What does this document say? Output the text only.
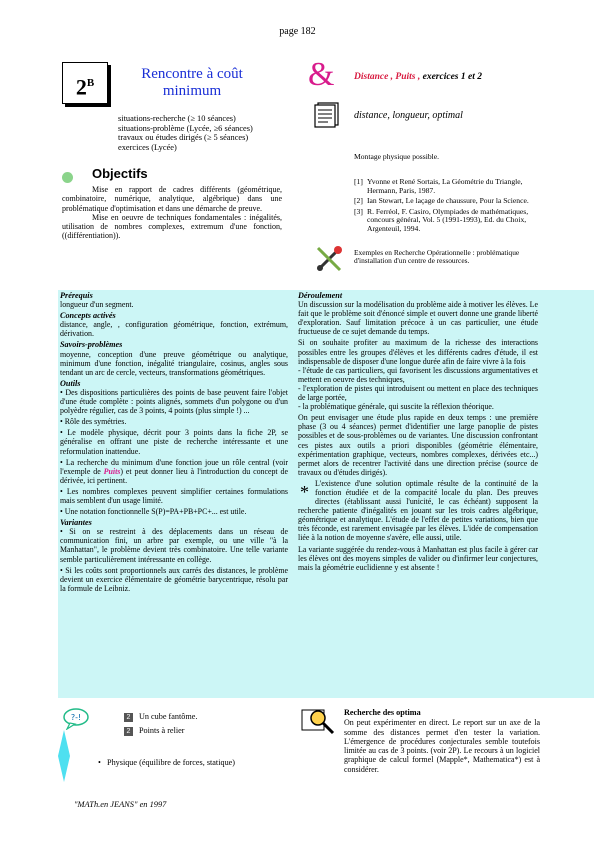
page 182
$2^B$
Rencontre à coût minimum
situations-recherche (≥ 10 séances)
situations-problème (Lycée, ≥6 séances)
travaux ou études dirigés (≥ 5 séances)
exercices (Lycée)
& Distance , Puits , exercices 1 et 2
distance, longueur, optimal
Montage physique possible.
[1] Yvonne et René Sortais, La Géométrie du Triangle, Hermann, Paris, 1987.
[2] Ian Stewart, Le laçage de chaussure, Pour la Science.
[3] R. Ferréol, F. Casiro, Olympiades de mathématiques, concours général, Vol. 5 (1991-1993), Ed. du Choix, Argenteuil, 1994.
Exemples en Recherche Opérationnelle : problématique d'installation d'un centre de ressources.
Objectifs

Mise en rapport de cadres différents (géométrique, combinatoire, numérique, analytique, algébrique) dans une problématique d'optimisation et dans une démarche de preuve.

Mise en oeuvre de techniques fondamentales : inégalités, utilisation de nombres complexes, extremum d'une fonction, ((différentiation)).

Prérequis

longueur d'un segment.

Concepts activés

distance, angle, , configuration géométrique, fonction, extrémum, dérivation.

Savoirs-problèmes

moyenne, conception d'une preuve géométrique ou analytique, minimum d'une fonction, inégalité triangulaire, cosinus, angles sous tendant un arc de cercle, vecteurs, transformations géométriques.

Outils

• Des dispositions particulières des points de base peuvent faire l'objet d'une étude complète : points alignés, sommets d'un polygone ou d'un polyèdre régulier, cas de 3 points, 4 points (plus simple !) ...

• Rôle des symétries.

• Le modèle physique, décrit pour 3 points dans la fiche 2P, se généralise en offrant une piste de recherche intéressante et une reformulation inattendue.

• La recherche du minimum d'une fonction joue un rôle central (voir l'exemple de Puits) et peut donner lieu à l'introduction du concept de dérivée, ici pertinent.

• Les nombres complexes peuvent simplifier certaines formulations mais semblent d'un usage limité.

• Une notation fonctionnelle S(P)=PA+PB+PC+... est utile.

Variantes

• Si on se restreint à des déplacements dans un réseau de communication fini, un arbre par exemple, ou une ville "à la Manhattan", le problème devient très combinatoire. Une telle variante semble particulièrement intéressante en collège.

• Si les coûts sont proportionnels aux carrés des distances, le problème devient un exercice élémentaire de géométrie barycentrique, résolu par la formule de Leibniz.

Déroulement

Un discussion sur la modélisation du problème aide à motiver les élèves. Le fait que le problème soit d'énoncé simple et ouvert donne une grande liberté d'exploration. Sauf limitation précoce à un cas particulier, une étude fructueuse de ce sujet demande du temps.

Si on souhaite profiter au maximum de la richesse des interactions possibles entre les groupes d'élèves et les différents cadres d'étude, il est indispensable de disposer d'une longue durée afin de faire vivre à la fois
- l'étude de cas particuliers, qui favorisent les discussions argumentatives et mettent en oeuvre des techniques,
- l'exploration de pistes qui introduisent ou mettent en place des techniques de large portée,
- la problématique générale, qui suscite la réflexion théorique.

On peut envisager une étude plus rapide en deux temps : une première phase (3 ou 4 séances) permet d'identifier une large panoplie de pistes possibles et de sous-problèmes ou de variantes. Une discussion confrontant ces pistes aux outils a priori disponibles (géométrie élémentaire, expérimentation graphique, vecteurs, nombres complexes, dérivées etc...) permet alors de recentrer l'activité dans une direction précise (source de travaux ou d'études dirigés).

* L'existence d'une solution optimale résulte de la continuité de la fonction étudiée et de la compacité locale du plan. Des preuves directes (établissant aussi l'unicité, le cas échéant) supposent la recherche patiente d'inégalités en jouant sur les trois cadres algébrique, géométrique et analytique. L'étude de l'effet de petites variations, bien que très féconde, est rarement envisagée par les élèves. L'idée de compensation liée à la notion de moyenne s'avère, elle aussi, utile.

La variante suggérée du rendez-vous à Manhattan est plus facile à gérer car les élèves ont des moyens simples de valider ou d'infirmer leur conjectures, mais la géométrie euclidienne y est absente !

?-!	2	Un cube fantôme.
2	Points à relier
•   Physique (équilibre de forces, statique)
Recherche des optima
On peut expérimenter en direct. Le report sur un axe de la somme des distances permet d'en tester la variation. L'émergence de procédures conjecturales semble toutefois limitée au cas de 3 points. (voir 2P). Le recours à un logiciel graphique de calcul formel (Mapple*, Mathematica*) est à considérer.
"MATh.en JEANS" en 1997
